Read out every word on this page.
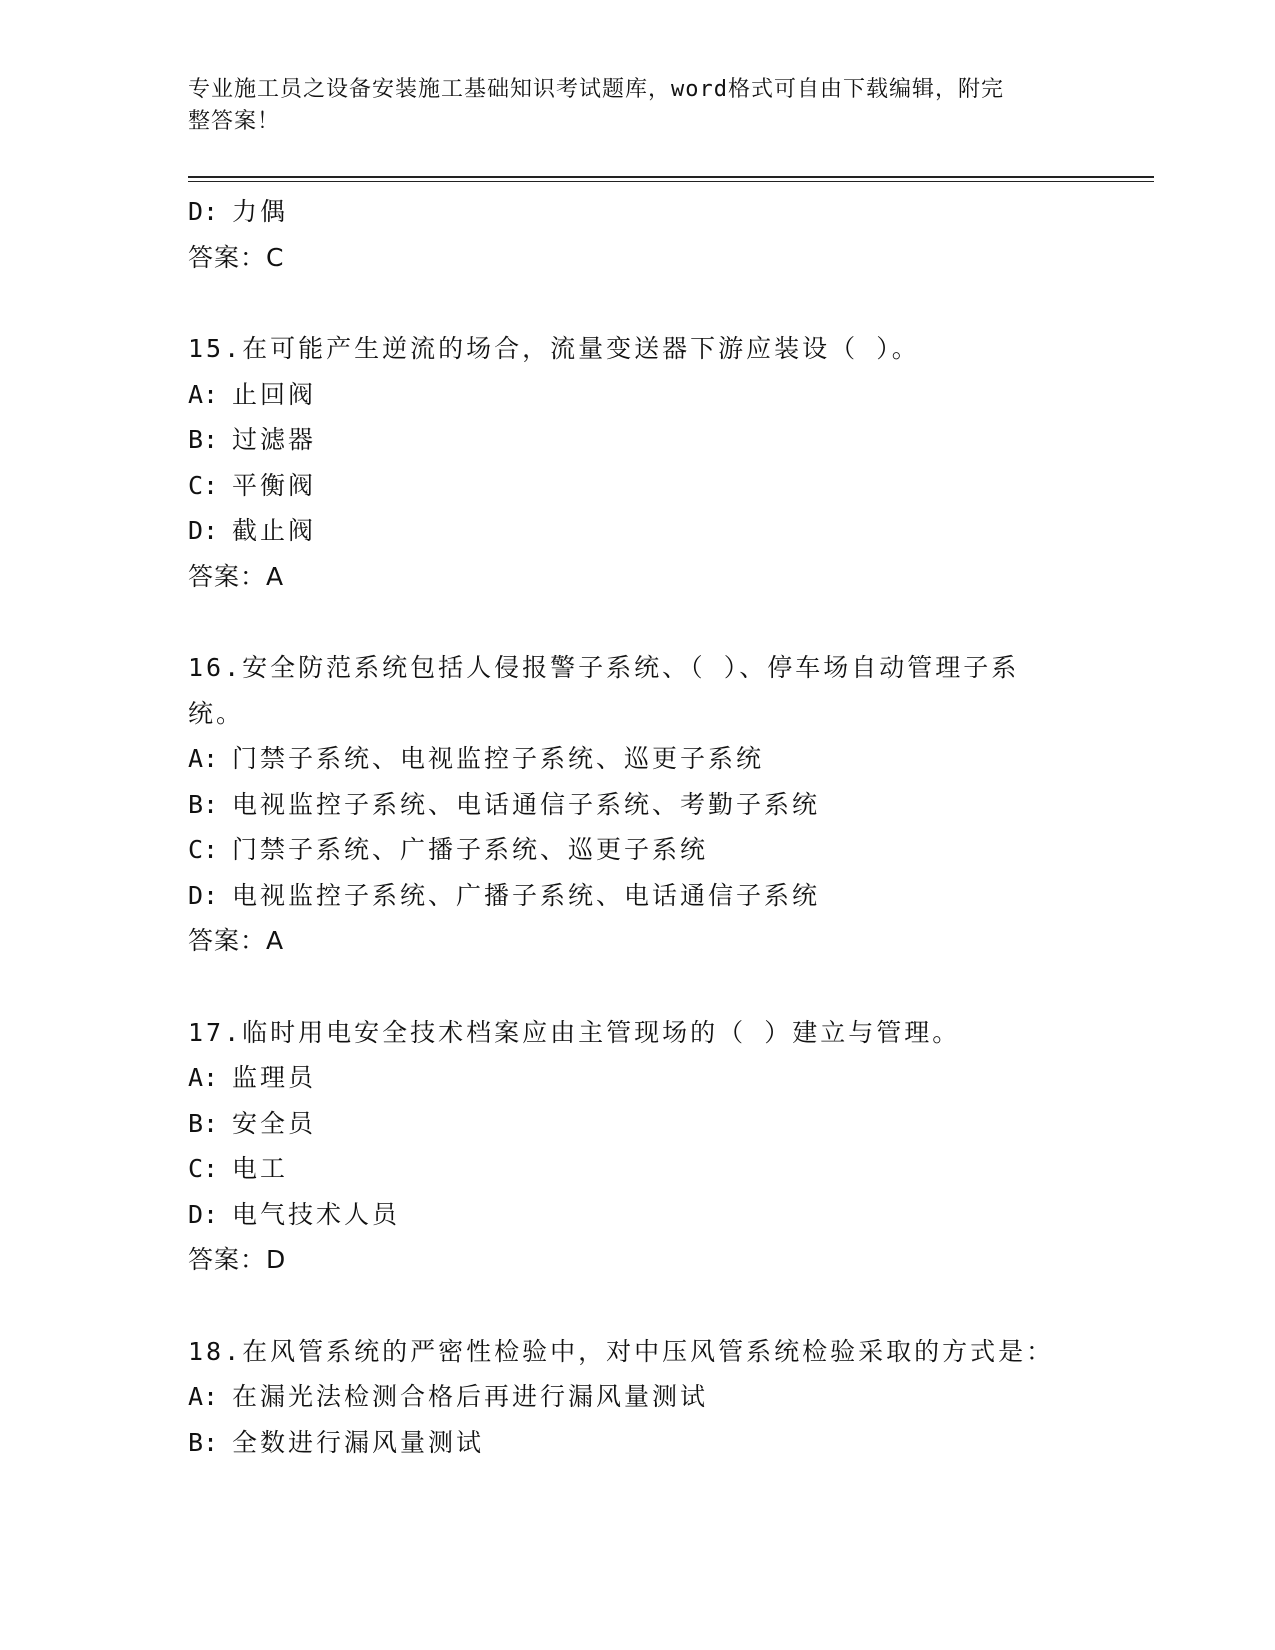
专业施工员之设备安装施工基础知识考试题库，word格式可自由下载编辑，附完
整答案！
D: 力偶
答案：C
15.在可能产生逆流的场合，流量变送器下游应装设（ ）。
A: 止回阀
B: 过滤器
C: 平衡阀
D: 截止阀
答案：A
16.安全防范系统包括人侵报警子系统、（ ）、停车场自动管理子系
统。
A: 门禁子系统、电视监控子系统、巡更子系统
B: 电视监控子系统、电话通信子系统、考勤子系统
C: 门禁子系统、广播子系统、巡更子系统
D: 电视监控子系统、广播子系统、电话通信子系统
答案：A
17.临时用电安全技术档案应由主管现场的（ ）建立与管理。
A: 监理员
B: 安全员
C: 电工
D: 电气技术人员
答案：D
18.在风管系统的严密性检验中，对中压风管系统检验采取的方式是：
A: 在漏光法检测合格后再进行漏风量测试
B: 全数进行漏风量测试
